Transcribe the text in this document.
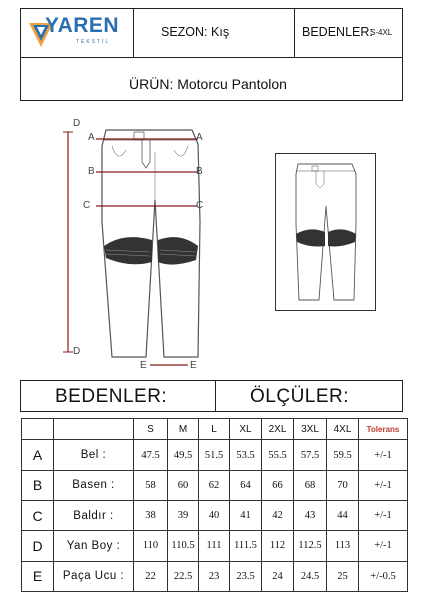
YAREN
TEKSTİL
SEZON: Kış	BEDENLER:
S-4XL
ÜRÜN: Motorcu Pantolon
D
D
A	A
B	B
C	C
E	E
BEDENLER:	ÖLÇÜLER:
		S	M	L	XL	2XL	3XL	4XL	Tolerans
A	Bel :	47.5	49.5	51.5	53.5	55.5	57.5	59.5	+/-1
B	Basen :	58	60	62	64	66	68	70	+/-1
C	Baldır :	38	39	40	41	42	43	44	+/-1
D	Yan Boy :	110	110.5	111	111.5	112	112.5	113	+/-1
E	Paça Ucu :	22	22.5	23	23.5	24	24.5	25	+/-0.5
